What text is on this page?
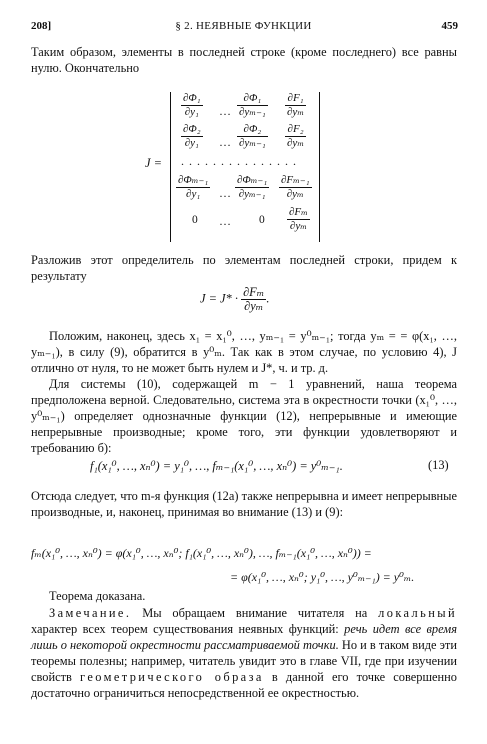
208]	§ 2. НЕЯВНЫЕ ФУНКЦИИ	459
Таким образом, элементы в последней строке (кроме последнего) все равны нулю. Окончательно
J =
$\frac{\text{∂Φ₁}}{\text{∂y₁}}$ … $\frac{\text{∂Φ₁}}{\text{∂yₘ₋₁}} \frac{\text{∂F₁}}{\text{∂yₘ}}$
$\frac{\text{∂Φ₂}}{\text{∂y₁}}$ … $\frac{\text{∂Φ₂}}{\text{∂yₘ₋₁}} \frac{\text{∂F₂}}{\text{∂yₘ}}$
. . . . . . . . . . . . . . .
$\frac{\text{∂Φₘ₋₁}}{\text{∂y₁}}$ … $\frac{\text{∂Φₘ₋₁}}{\text{∂yₘ₋₁}} \frac{\text{∂Fₘ₋₁}}{\text{∂yₘ}}$
0 … $0 \frac{\text{∂Fₘ}}{\text{∂yₘ}}$
Разложив этот определитель по элементам последней строки, придем к результату
$J = J* \cdot \frac{\text{∂Fₘ}}{\text{∂yₘ}}$ .
Положим, наконец, здесь x₁ = x₁⁰, …, yₘ₋₁ = y⁰ₘ₋₁; тогда yₘ = = φ(x₁, …, yₘ₋₁), в силу (9), обратится в y⁰ₘ. Так как в этом случае, по условию 4), J отлично от нуля, то не может быть нулем и J*, ч. и тр. д.
Для системы (10), содержащей m − 1 уравнений, наша теорема предположена верной. Следовательно, система эта в окрестности точки (x₁⁰, …, y⁰ₘ₋₁) определяет однозначные функции (12), непрерывные и имеющие непрерывные производные; кроме того, эти функции удовлетворяют и требованию б):
f₁(x₁⁰, …, xₙ⁰) = y₁⁰, …, fₘ₋₁(x₁⁰, …, xₙ⁰) = y⁰ₘ₋₁.	(13)
Отсюда следует, что m-я функция (12а) также непрерывна и имеет непрерывные производные, и, наконец, принимая во внимание (13) и (9):
fₘ(x₁⁰, …, xₙ⁰) = φ(x₁⁰, …, xₙ⁰; f₁(x₁⁰, …, xₙ⁰), …, fₘ₋₁(x₁⁰, …, xₙ⁰)) =
= φ(x₁⁰, …, xₙ⁰; y₁⁰, …, y⁰ₘ₋₁) = y⁰ₘ.
Теорема доказана.
Замечание. Мы обращаем внимание читателя на локальный характер всех теорем существования неявных функций: речь идет все время лишь о некоторой окрестности рассматриваемой точки. Но и в таком виде эти теоремы полезны; например, читатель увидит это в главе VII, где при изучении свойств геометрического образа в данной его точке совершенно достаточно ограничиться непосредственной ее окрестностью.
